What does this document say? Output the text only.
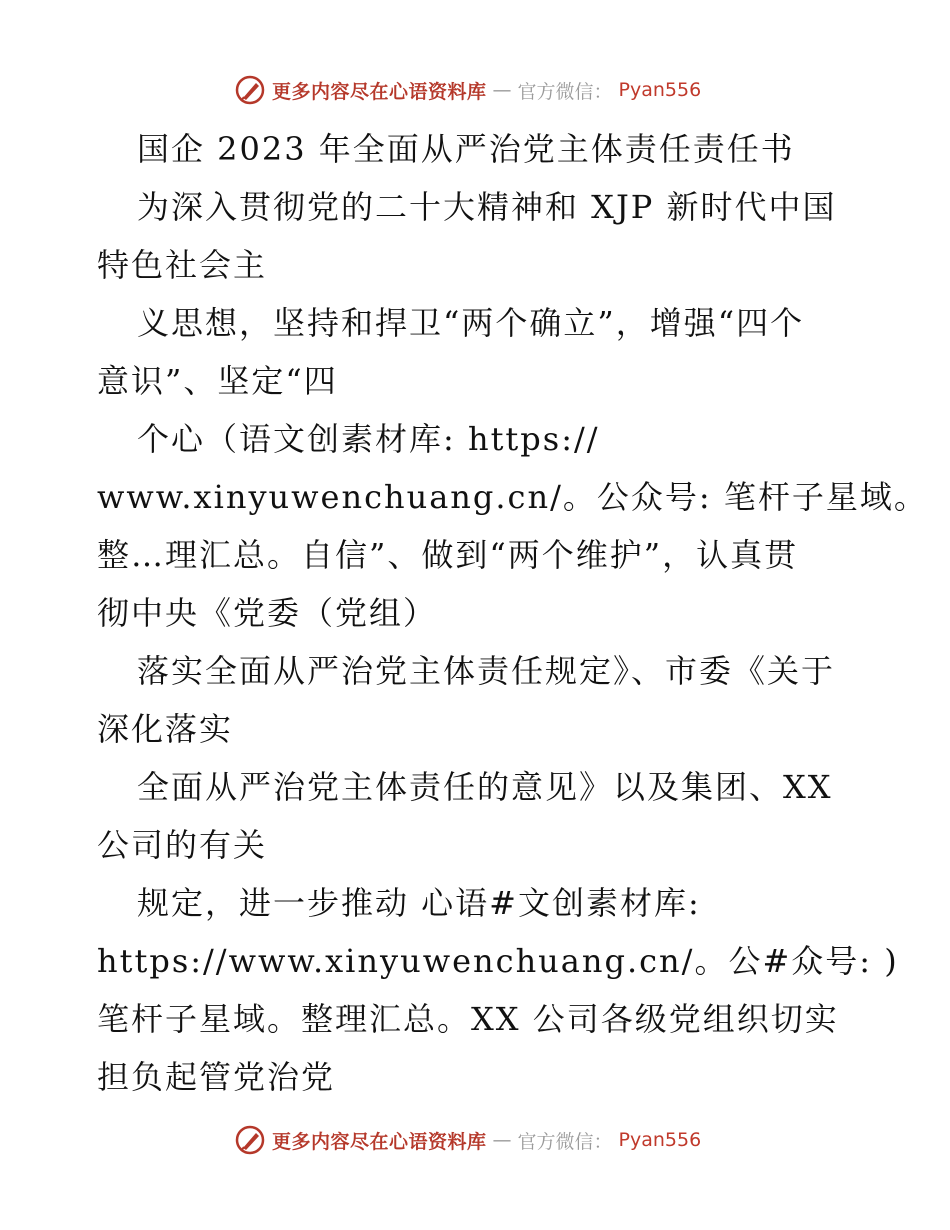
更多内容尽在心语资料库 — 官方微信： Pyan556
国企 2023 年全面从严治党主体责任责任书
为深入贯彻党的二十大精神和 XJP 新时代中国
特色社会主
义思想，坚持和捍卫“两个确立”，增强“四个
意识”、坚定“四
个心（语文创素材库: https://
www.xinyuwenchuang.cn/。公众号: 笔杆子星域。
整…理汇总。自信”、做到“两个维护”，认真贯
彻中央《党委（党组）
落实全面从严治党主体责任规定》、市委《关于
深化落实
全面从严治党主体责任的意见》以及集团、XX
公司的有关
规定，进一步推动 心语#文创素材库:
https://www.xinyuwenchuang.cn/。公#众号: )
笔杆子星域。整理汇总。XX 公司各级党组织切实
担负起管党治党
更多内容尽在心语资料库 — 官方微信： Pyan556
